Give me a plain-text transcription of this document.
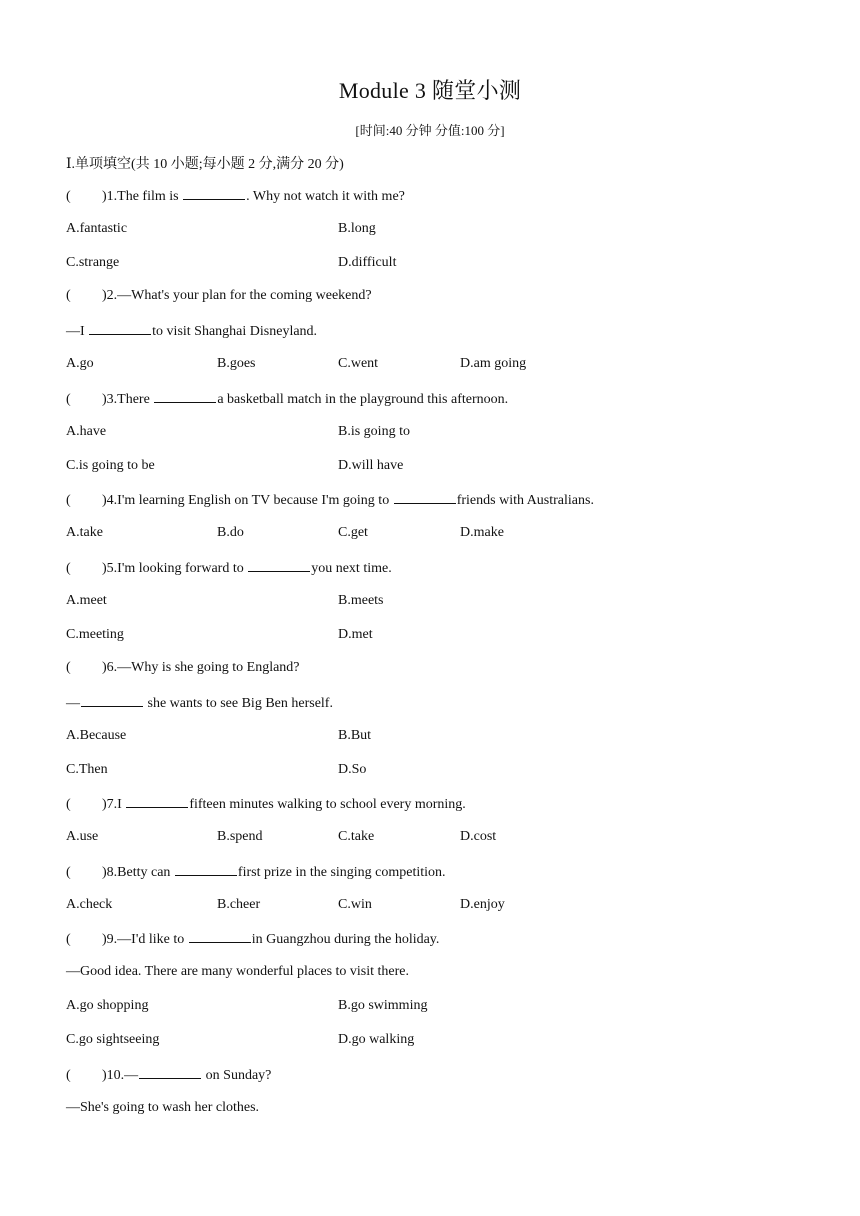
Module 3 随堂小测
[时间:40 分钟 分值:100 分]
Ⅰ.单项填空(共 10 小题;每小题 2 分,满分 20 分)
( )1.The film is	. Why not watch it with me?
A.fantastic	B.long
C.strange	D.difficult
( )2.—What's your plan for the coming weekend?
—I	to visit Shanghai Disneyland.
A.go	B.goes	C.went	D.am going
( )3.There	a basketball match in the playground this afternoon.
A.have	B.is going to
C.is going to be	D.will have
( )4.I'm learning English on TV because I'm going to	friends with Australians.
A.take	B.do	C.get	D.make
( )5.I'm looking forward to	you next time.
A.meet	B.meets
C.meeting	D.met
( )6.—Why is she going to England?
—	she wants to see Big Ben herself.
A.Because	B.But
C.Then	D.So
( )7.I	fifteen minutes walking to school every morning.
A.use	B.spend	C.take	D.cost
( )8.Betty can	first prize in the singing competition.
A.check	B.cheer	C.win	D.enjoy
( )9.—I'd like to	in Guangzhou during the holiday.
—Good idea. There are many wonderful places to visit there.
A.go shopping	B.go swimming
C.go sightseeing	D.go walking
( )10.—	on Sunday?
—She's going to wash her clothes.
